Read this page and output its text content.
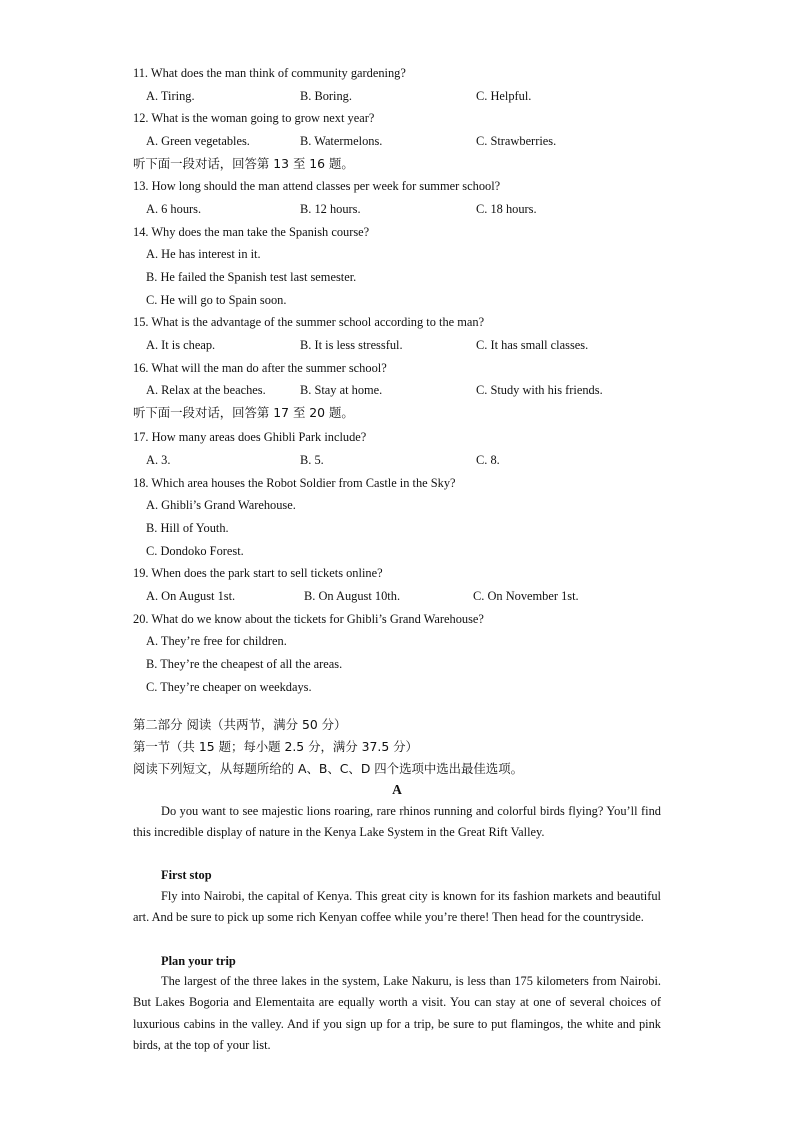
11. What does the man think of community gardening?
A. Tiring.	B. Boring.	C. Helpful.
12. What is the woman going to grow next year?
A. Green vegetables.	B. Watermelons.	C. Strawberries.
听下面一段对话，回答第 13 至 16 题。
13. How long should the man attend classes per week for summer school?
A. 6 hours.	B. 12 hours.	C. 18 hours.
14. Why does the man take the Spanish course?
A. He has interest in it.
B. He failed the Spanish test last semester.
C. He will go to Spain soon.
15. What is the advantage of the summer school according to the man?
A. It is cheap.	B. It is less stressful.	C. It has small classes.
16. What will the man do after the summer school?
A. Relax at the beaches.	B. Stay at home.	C. Study with his friends.
听下面一段对话，回答第 17 至 20 题。
17. How many areas does Ghibli Park include?
A. 3.	B. 5.	C. 8.
18. Which area houses the Robot Soldier from Castle in the Sky?
A. Ghibli’s Grand Warehouse.
B. Hill of Youth.
C. Dondoko Forest.
19. When does the park start to sell tickets online?
A. On August 1st.	B. On August 10th.	C. On November 1st.
20. What do we know about the tickets for Ghibli’s Grand Warehouse?
A. They’re free for children.
B. They’re the cheapest of all the areas.
C. They’re cheaper on weekdays.
第二部分 阅读（共两节，满分 50 分）
第一节（共 15 题；每小题 2.5 分，满分 37.5 分）
阅读下列短文，从每题所给的 A、B、C、D 四个选项中选出最佳选项。
A
Do you want to see majestic lions roaring, rare rhinos running and colorful birds flying? You’ll find this incredible display of nature in the Kenya Lake System in the Great Rift Valley.
First stop
Fly into Nairobi, the capital of Kenya. This great city is known for its fashion markets and beautiful art. And be sure to pick up some rich Kenyan coffee while you’re there! Then head for the countryside.
Plan your trip
The largest of the three lakes in the system, Lake Nakuru, is less than 175 kilometers from Nairobi. But Lakes Bogoria and Elementaita are equally worth a visit. You can stay at one of several choices of luxurious cabins in the valley. And if you sign up for a trip, be sure to put flamingos, the white and pink birds, at the top of your list.
